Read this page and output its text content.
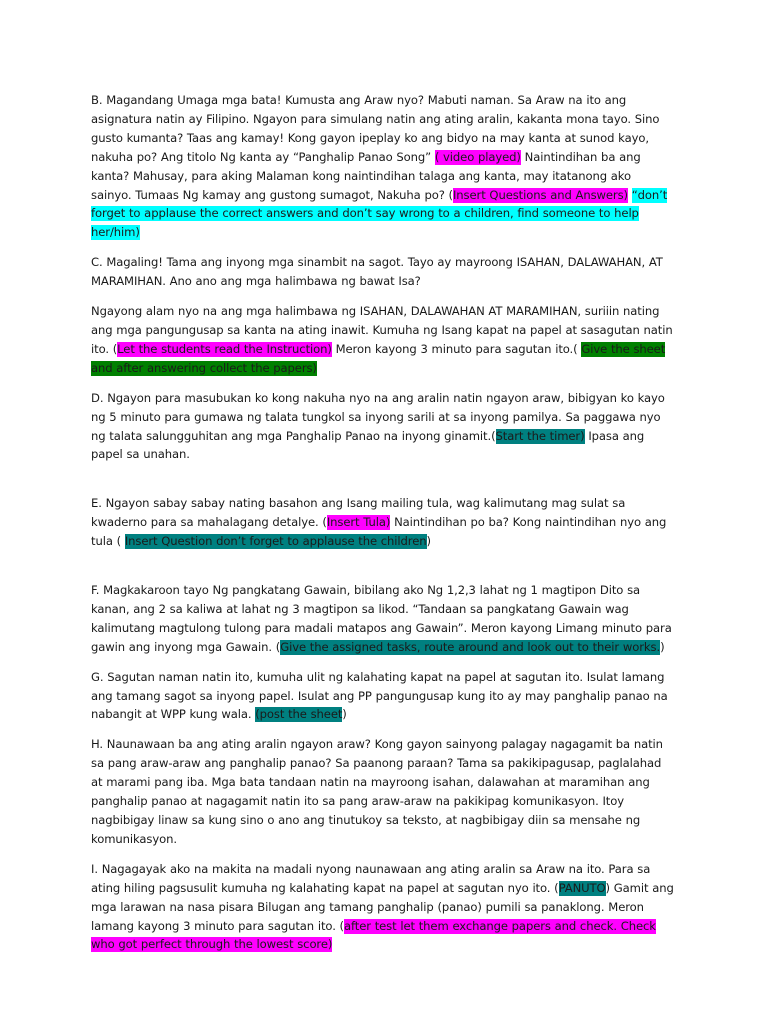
B. Magandang Umaga mga bata! Kumusta ang Araw nyo? Mabuti naman. Sa Araw na ito ang asignatura natin ay Filipino. Ngayon para simulang natin ang ating aralin, kakanta mona tayo. Sino gusto kumanta? Taas ang kamay! Kong gayon ipeplay ko ang bidyo na may kanta at sunod kayo, nakuha po? Ang titolo Ng kanta ay “Panghalip Panao Song” ( video played) Naintindihan ba ang kanta? Mahusay, para aking Malaman kong naintindihan talaga ang kanta, may itatanong ako sainyo. Tumaas Ng kamay ang gustong sumagot, Nakuha po? (Insert Questions and Answers) “don’t forget to applause the correct answers and don’t say wrong to a children, find someone to help her/him)

C. Magaling! Tama ang inyong mga sinambit na sagot. Tayo ay mayroong ISAHAN, DALAWAHAN, AT MARAMIHAN. Ano ano ang mga halimbawa ng bawat Isa?

Ngayong alam nyo na ang mga halimbawa ng ISAHAN, DALAWAHAN AT MARAMIHAN, suriiin nating ang mga pangungusap sa kanta na ating inawit. Kumuha ng Isang kapat na papel at sasagutan natin ito. (Let the students read the Instruction) Meron kayong 3 minuto para sagutan ito.( Give the sheet and after answering collect the papers)

D. Ngayon para masubukan ko kong nakuha nyo na ang aralin natin ngayon araw, bibigyan ko kayo ng 5 minuto para gumawa ng talata tungkol sa inyong sarili at sa inyong pamilya. Sa paggawa nyo ng talata salungguhitan ang mga Panghalip Panao na inyong ginamit.(Start the timer) Ipasa ang papel sa unahan.

E. Ngayon sabay sabay nating basahon ang Isang mailing tula, wag kalimutang mag sulat sa kwaderno para sa mahalagang detalye. (Insert Tula) Naintindihan po ba? Kong naintindihan nyo ang tula ( Insert Question don’t forget to applause the children)

F. Magkakaroon tayo Ng pangkatang Gawain, bibilang ako Ng 1,2,3 lahat ng 1 magtipon Dito sa kanan, ang 2 sa kaliwa at lahat ng 3 magtipon sa likod. “Tandaan sa pangkatang Gawain wag kalimutang magtulong tulong para madali matapos ang Gawain”. Meron kayong Limang minuto para gawin ang inyong mga Gawain. (Give the assigned tasks, route around and look out to their works.)

G. Sagutan naman natin ito, kumuha ulit ng kalahating kapat na papel at sagutan ito. Isulat lamang ang tamang sagot sa inyong papel. Isulat ang PP pangungusap kung ito ay may panghalip panao na nabangit at WPP kung wala. (post the sheet)

H. Naunawaan ba ang ating aralin ngayon araw? Kong gayon sainyong palagay nagagamit ba natin sa pang araw-araw ang panghalip panao? Sa paanong paraan? Tama sa pakikipagusap, paglalahad at marami pang iba. Mga bata tandaan natin na mayroong isahan, dalawahan at maramihan ang panghalip panao at nagagamit natin ito sa pang araw-araw na pakikipag komunikasyon. Itoy nagbibigay linaw sa kung sino o ano ang tinutukoy sa teksto, at nagbibigay diin sa mensahe ng komunikasyon.

I. Nagagayak ako na makita na madali nyong naunawaan ang ating aralin sa Araw na ito. Para sa ating hiling pagsusulit kumuha ng kalahating kapat na papel at sagutan nyo ito. (PANUTO) Gamit ang mga larawan na nasa pisara Bilugan ang tamang panghalip (panao) pumili sa panaklong. Meron lamang kayong 3 minuto para sagutan ito. (after test let them exchange papers and check. Check who got perfect through the lowest score)
